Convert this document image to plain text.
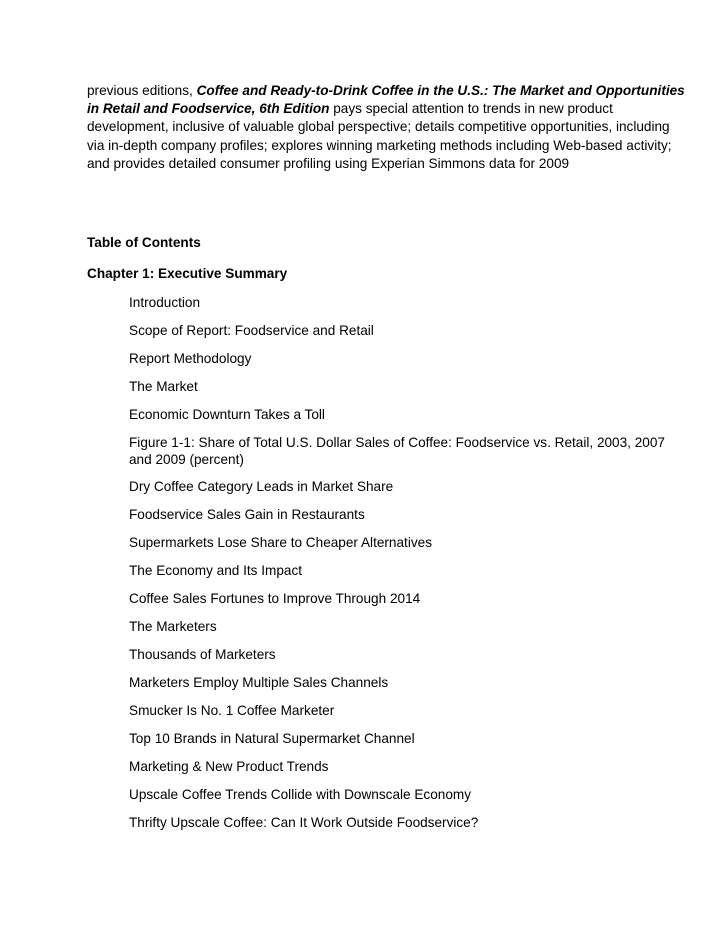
previous editions, Coffee and Ready-to-Drink Coffee in the U.S.: The Market and Opportunities in Retail and Foodservice, 6th Edition pays special attention to trends in new product development, inclusive of valuable global perspective; details competitive opportunities, including via in-depth company profiles; explores winning marketing methods including Web-based activity; and provides detailed consumer profiling using Experian Simmons data for 2009

Table of Contents
Chapter 1: Executive Summary
Introduction
Scope of Report: Foodservice and Retail
Report Methodology
The Market
Economic Downturn Takes a Toll
Figure 1-1: Share of Total U.S. Dollar Sales of Coffee: Foodservice vs. Retail, 2003, 2007 and 2009 (percent)
Dry Coffee Category Leads in Market Share
Foodservice Sales Gain in Restaurants
Supermarkets Lose Share to Cheaper Alternatives
The Economy and Its Impact
Coffee Sales Fortunes to Improve Through 2014
The Marketers
Thousands of Marketers
Marketers Employ Multiple Sales Channels
Smucker Is No. 1 Coffee Marketer
Top 10 Brands in Natural Supermarket Channel
Marketing & New Product Trends
Upscale Coffee Trends Collide with Downscale Economy
Thrifty Upscale Coffee: Can It Work Outside Foodservice?
